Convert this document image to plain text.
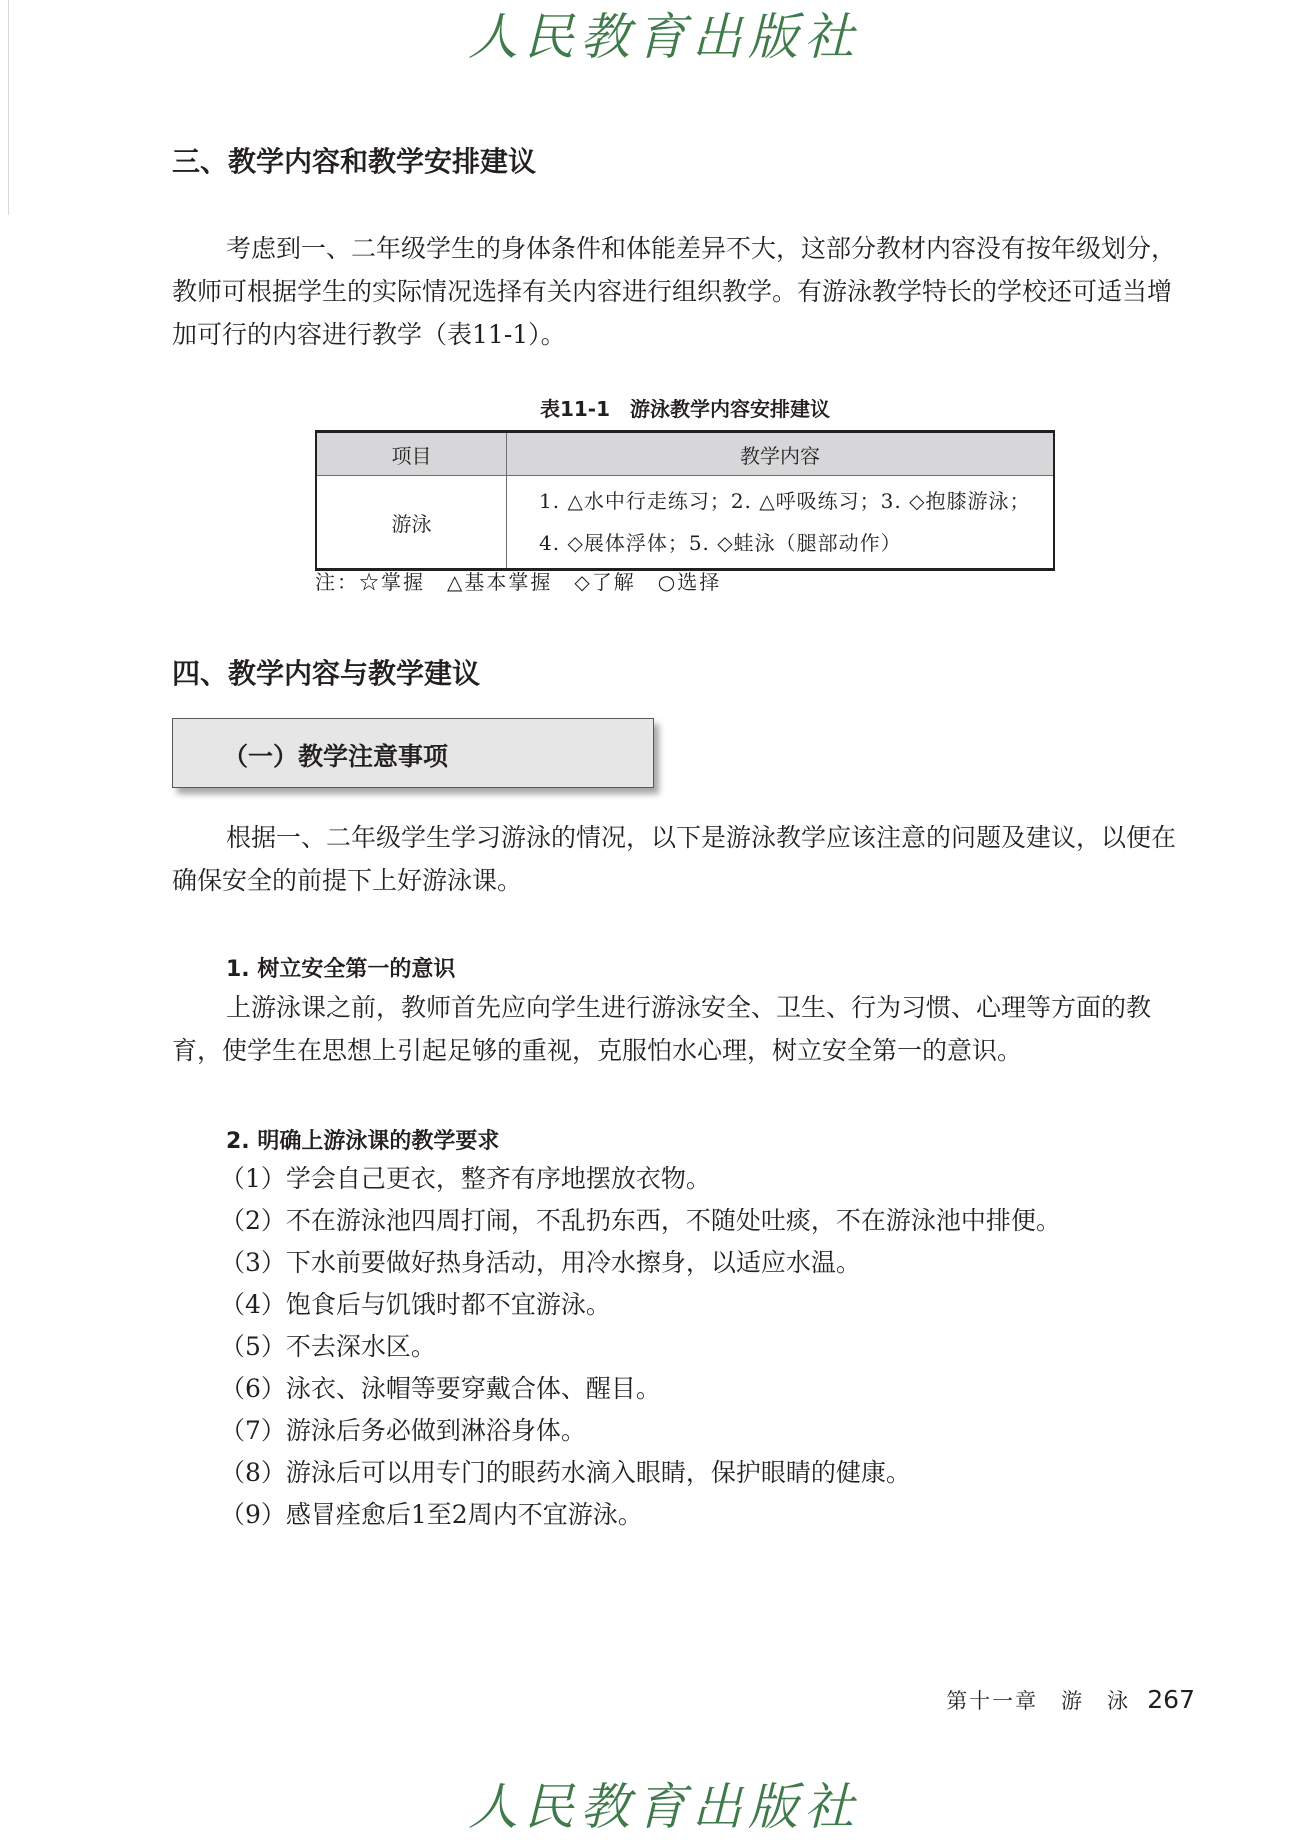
人民教育出版社
三、教学内容和教学安排建议

考虑到一、二年级学生的身体条件和体能差异不大，这部分教材内容没有按年级划分，教师可根据学生的实际情况选择有关内容进行组织教学。有游泳教学特长的学校还可适当增加可行的内容进行教学（表11-1）。

表11-1　游泳教学内容安排建议
项目	教学内容
游泳	1. △水中行走练习；2. △呼吸练习；3. ◇抱膝游泳；
4. ◇展体浮体；5. ◇蛙泳（腿部动作）
注：☆掌握　△基本掌握　◇了解　○选择
四、教学内容与教学建议
（一）教学注意事项

根据一、二年级学生学习游泳的情况，以下是游泳教学应该注意的问题及建议，以便在确保安全的前提下上好游泳课。

1. 树立安全第一的意识

上游泳课之前，教师首先应向学生进行游泳安全、卫生、行为习惯、心理等方面的教育，使学生在思想上引起足够的重视，克服怕水心理，树立安全第一的意识。

2. 明确上游泳课的教学要求
（1）学会自己更衣，整齐有序地摆放衣物。
（2）不在游泳池四周打闹，不乱扔东西，不随处吐痰，不在游泳池中排便。
（3）下水前要做好热身活动，用冷水擦身，以适应水温。
（4）饱食后与饥饿时都不宜游泳。
（5）不去深水区。
（6）泳衣、泳帽等要穿戴合体、醒目。
（7）游泳后务必做到淋浴身体。
（8）游泳后可以用专门的眼药水滴入眼睛，保护眼睛的健康。
（9）感冒痊愈后1至2周内不宜游泳。
第十一章　游　泳 267
人民教育出版社
